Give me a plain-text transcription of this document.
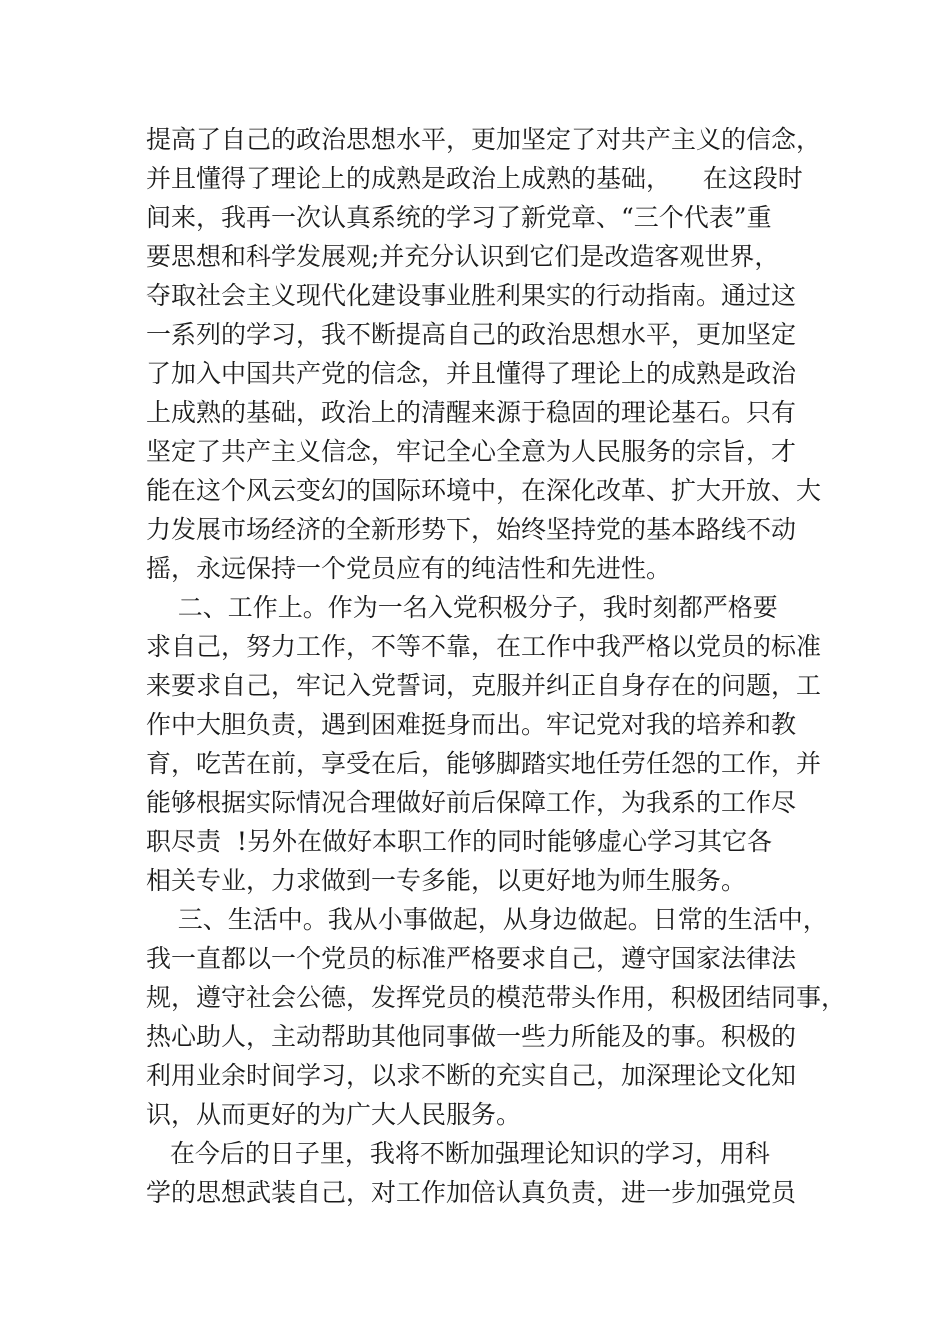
提高了自己的政治思想水平，更加坚定了对共产主义的信念，
并且懂得了理论上的成熟是政治上成熟的基础，    在这段时
间来，我再一次认真系统的学习了新党章、“三个代表”重
要思想和科学发展观;并充分认识到它们是改造客观世界，
夺取社会主义现代化建设事业胜利果实的行动指南。通过这
一系列的学习，我不断提高自己的政治思想水平，更加坚定
了加入中国共产党的信念，并且懂得了理论上的成熟是政治
上成熟的基础，政治上的清醒来源于稳固的理论基石。只有
坚定了共产主义信念，牢记全心全意为人民服务的宗旨，才
能在这个风云变幻的国际环境中，在深化改革、扩大开放、大
力发展市场经济的全新形势下，始终坚持党的基本路线不动
摇，永远保持一个党员应有的纯洁性和先进性。
二、工作上。作为一名入党积极分子，我时刻都严格要
求自己，努力工作，不等不靠，在工作中我严格以党员的标准
来要求自己，牢记入党誓词，克服并纠正自身存在的问题，工
作中大胆负责，遇到困难挺身而出。牢记党对我的培养和教
育，吃苦在前，享受在后，能够脚踏实地任劳任怨的工作，并
能够根据实际情况合理做好前后保障工作，为我系的工作尽
职尽责  !另外在做好本职工作的同时能够虚心学习其它各
相关专业，力求做到一专多能，以更好地为师生服务。
三、生活中。我从小事做起，从身边做起。日常的生活中，
我一直都以一个党员的标准严格要求自己，遵守国家法律法
规，遵守社会公德，发挥党员的模范带头作用，积极团结同事，
热心助人，主动帮助其他同事做一些力所能及的事。积极的
利用业余时间学习，以求不断的充实自己，加深理论文化知
识，从而更好的为广大人民服务。
在今后的日子里，我将不断加强理论知识的学习，用科
学的思想武装自己，对工作加倍认真负责，进一步加强党员
